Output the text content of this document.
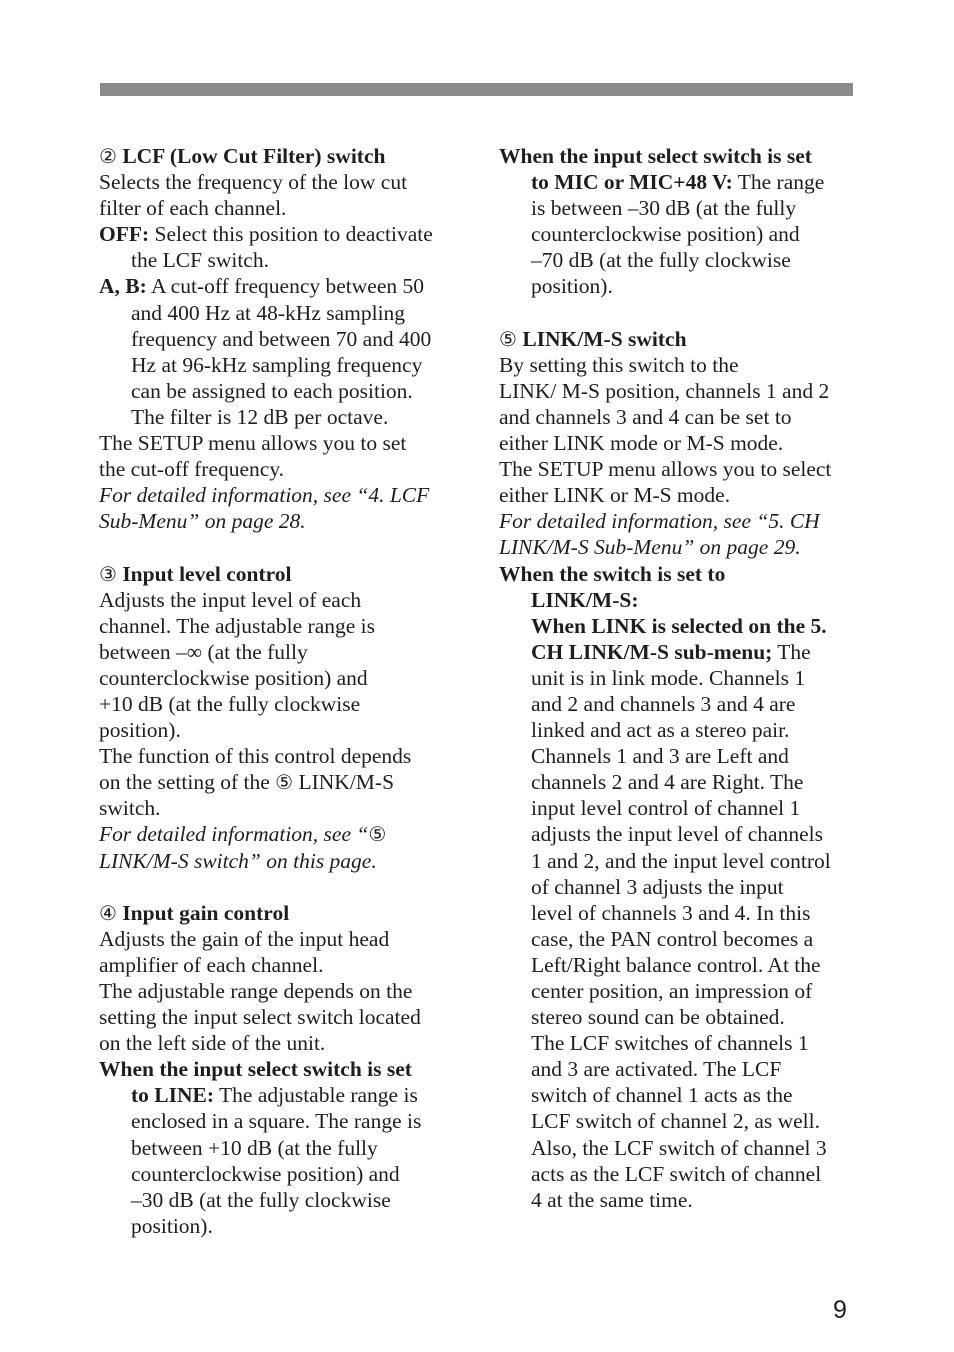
② LCF (Low Cut Filter) switch

Selects the frequency of the low cut

filter of each channel.

OFF: Select this position to deactivate

the LCF switch.

A, B: A cut-off frequency between 50

and 400 Hz at 48-kHz sampling

frequency and between 70 and 400

Hz at 96-kHz sampling frequency

can be assigned to each position.

The filter is 12 dB per octave.

The SETUP menu allows you to set

the cut-off frequency.

For detailed information, see “4. LCF

Sub-Menu” on page 28.

③ Input level control

Adjusts the input level of each

channel. The adjustable range is

between –∞ (at the fully

counterclockwise position) and

+10 dB (at the fully clockwise

position).

The function of this control depends

on the setting of the ⑤ LINK/M-S

switch.

For detailed information, see “⑤

LINK/M-S switch” on this page.

④ Input gain control

Adjusts the gain of the input head

amplifier of each channel.

The adjustable range depends on the

setting the input select switch located

on the left side of the unit.

When the input select switch is set

to LINE: The adjustable range is

enclosed in a square. The range is

between +10 dB (at the fully

counterclockwise position) and

–30 dB (at the fully clockwise

position).

When the input select switch is set

to MIC or MIC+48 V: The range

is between –30 dB (at the fully

counterclockwise position) and

–70 dB (at the fully clockwise

position).

⑤ LINK/M-S switch

By setting this switch to the

LINK/ M-S position, channels 1 and 2

and channels 3 and 4 can be set to

either LINK mode or M-S mode.

The SETUP menu allows you to select

either LINK or M-S mode.

For detailed information, see “5. CH

LINK/M-S Sub-Menu” on page 29.

When the switch is set to

LINK/M-S:

When LINK is selected on the 5.

CH LINK/M-S sub-menu; The

unit is in link mode. Channels 1

and 2 and channels 3 and 4 are

linked and act as a stereo pair.

Channels 1 and 3 are Left and

channels 2 and 4 are Right. The

input level control of channel 1

adjusts the input level of channels

1 and 2, and the input level control

of channel 3 adjusts the input

level of channels 3 and 4. In this

case, the PAN control becomes a

Left/Right balance control. At the

center position, an impression of

stereo sound can be obtained.

The LCF switches of channels 1

and 3 are activated. The LCF

switch of channel 1 acts as the

LCF switch of channel 2, as well.

Also, the LCF switch of channel 3

acts as the LCF switch of channel

4 at the same time.

9
